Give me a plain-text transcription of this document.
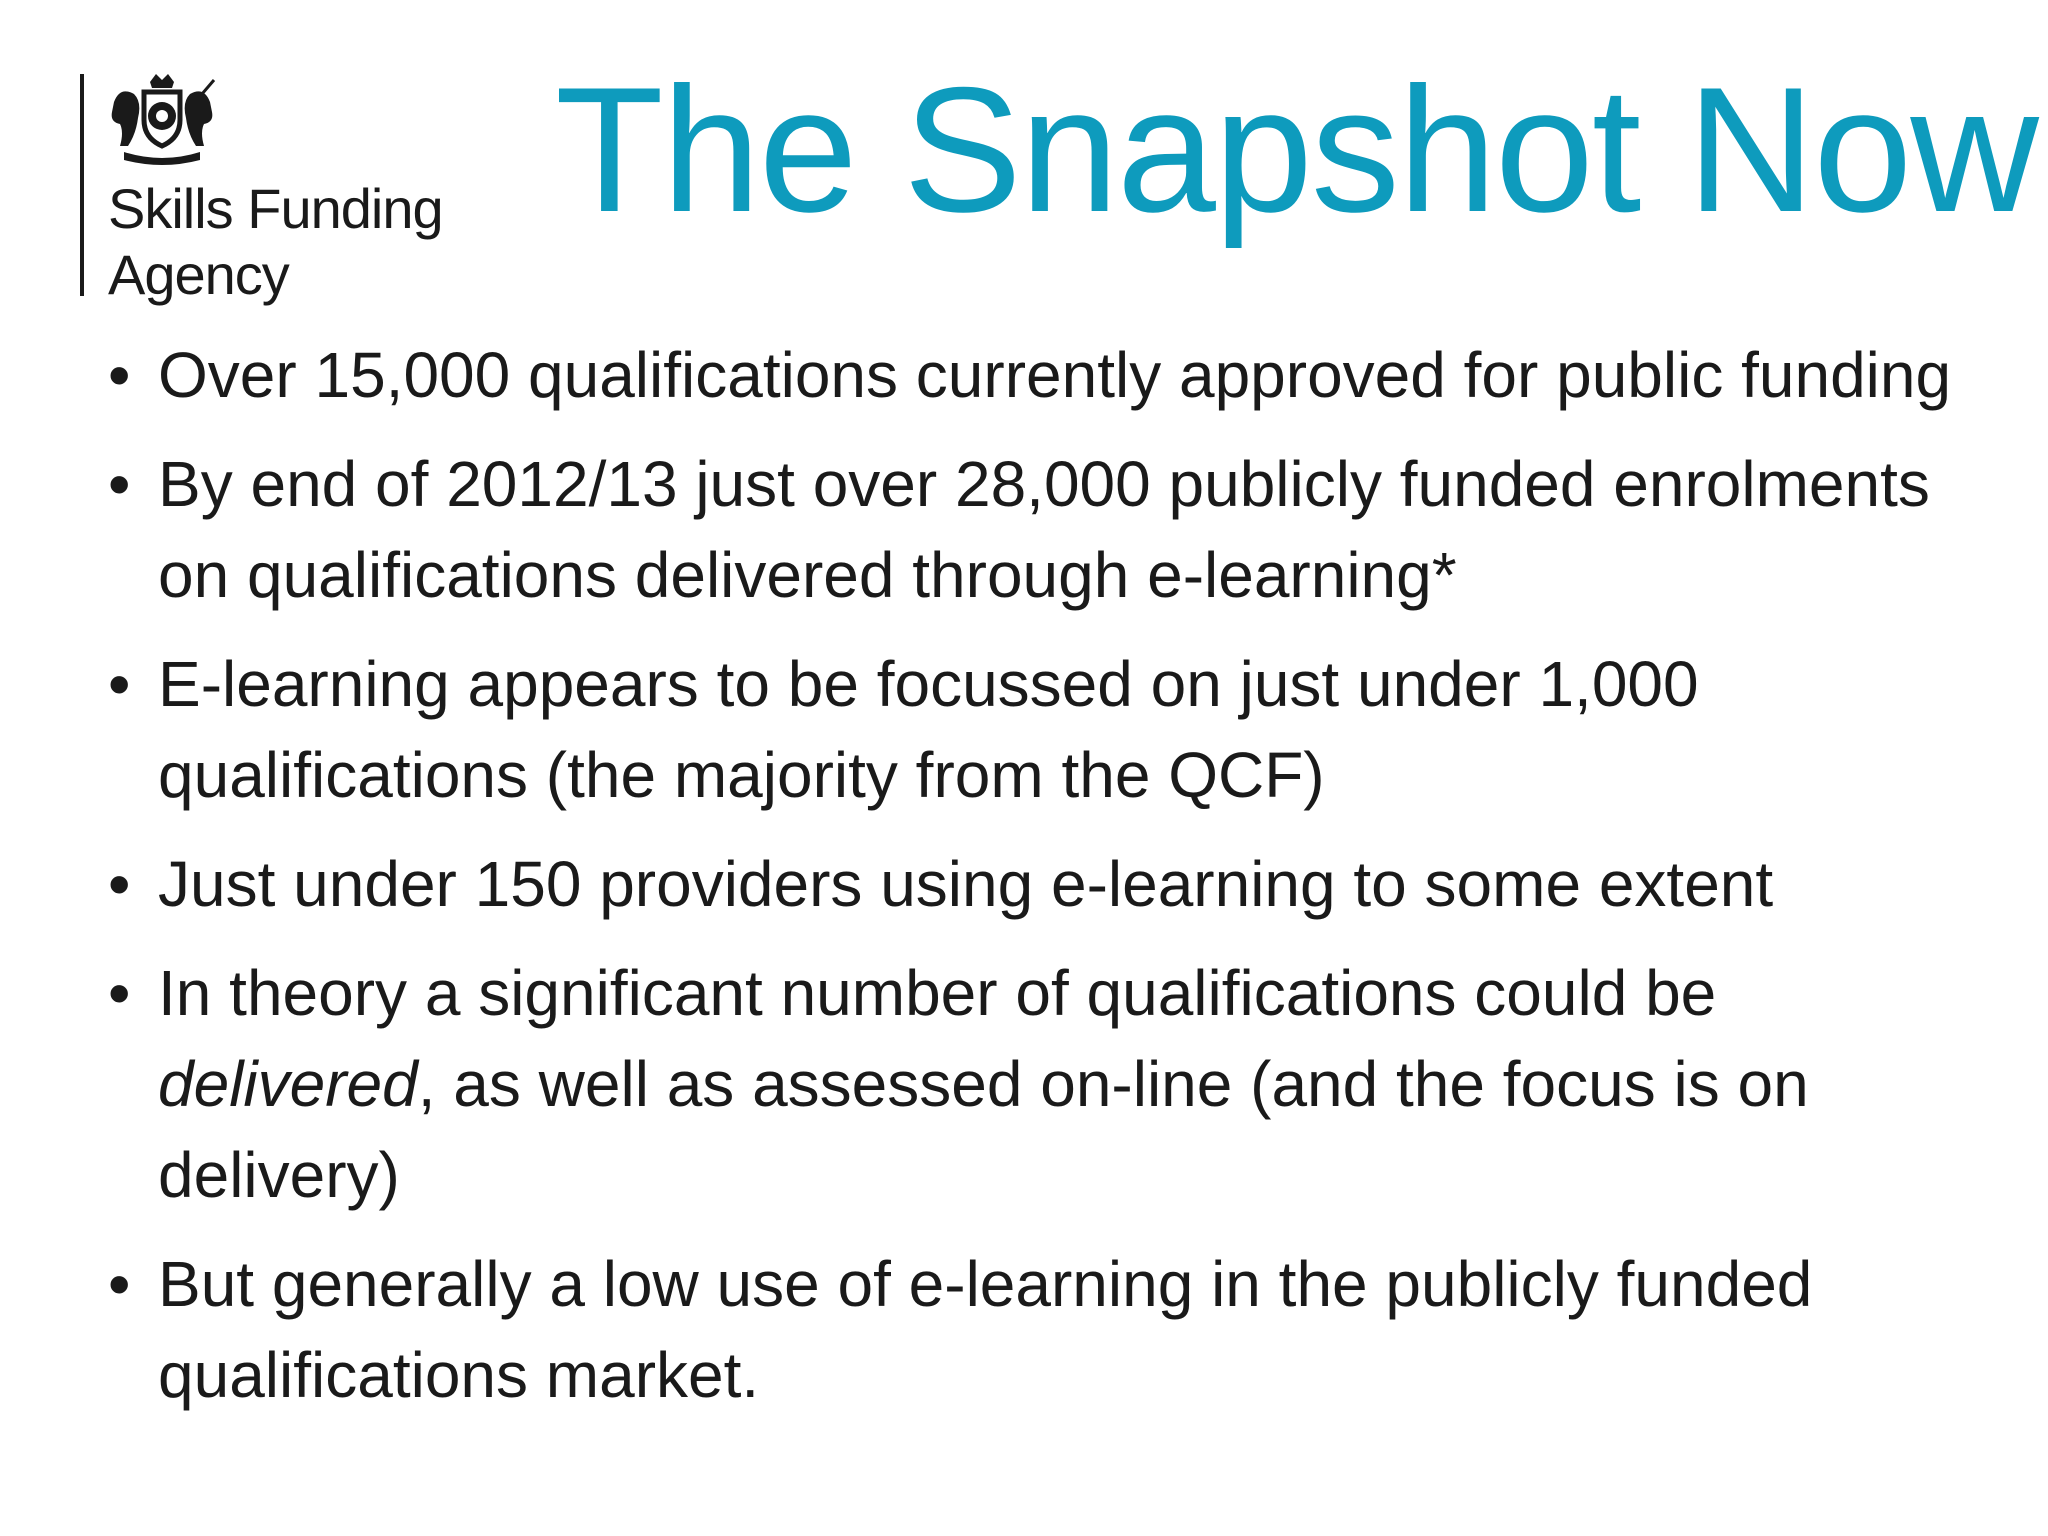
Skills Funding
Agency
The Snapshot Now
• Over 15,000 qualifications currently approved for public funding
• By end of 2012/13 just over 28,000 publicly funded enrolments on qualifications delivered through e-learning*
• E-learning appears to be focussed on just under 1,000 qualifications (the majority from the QCF)
• Just under 150 providers using e-learning to some extent
• In theory a significant number of qualifications could be delivered, as well as assessed on-line (and the focus is on delivery)
• But generally a low use of e-learning in the publicly funded qualifications market.
